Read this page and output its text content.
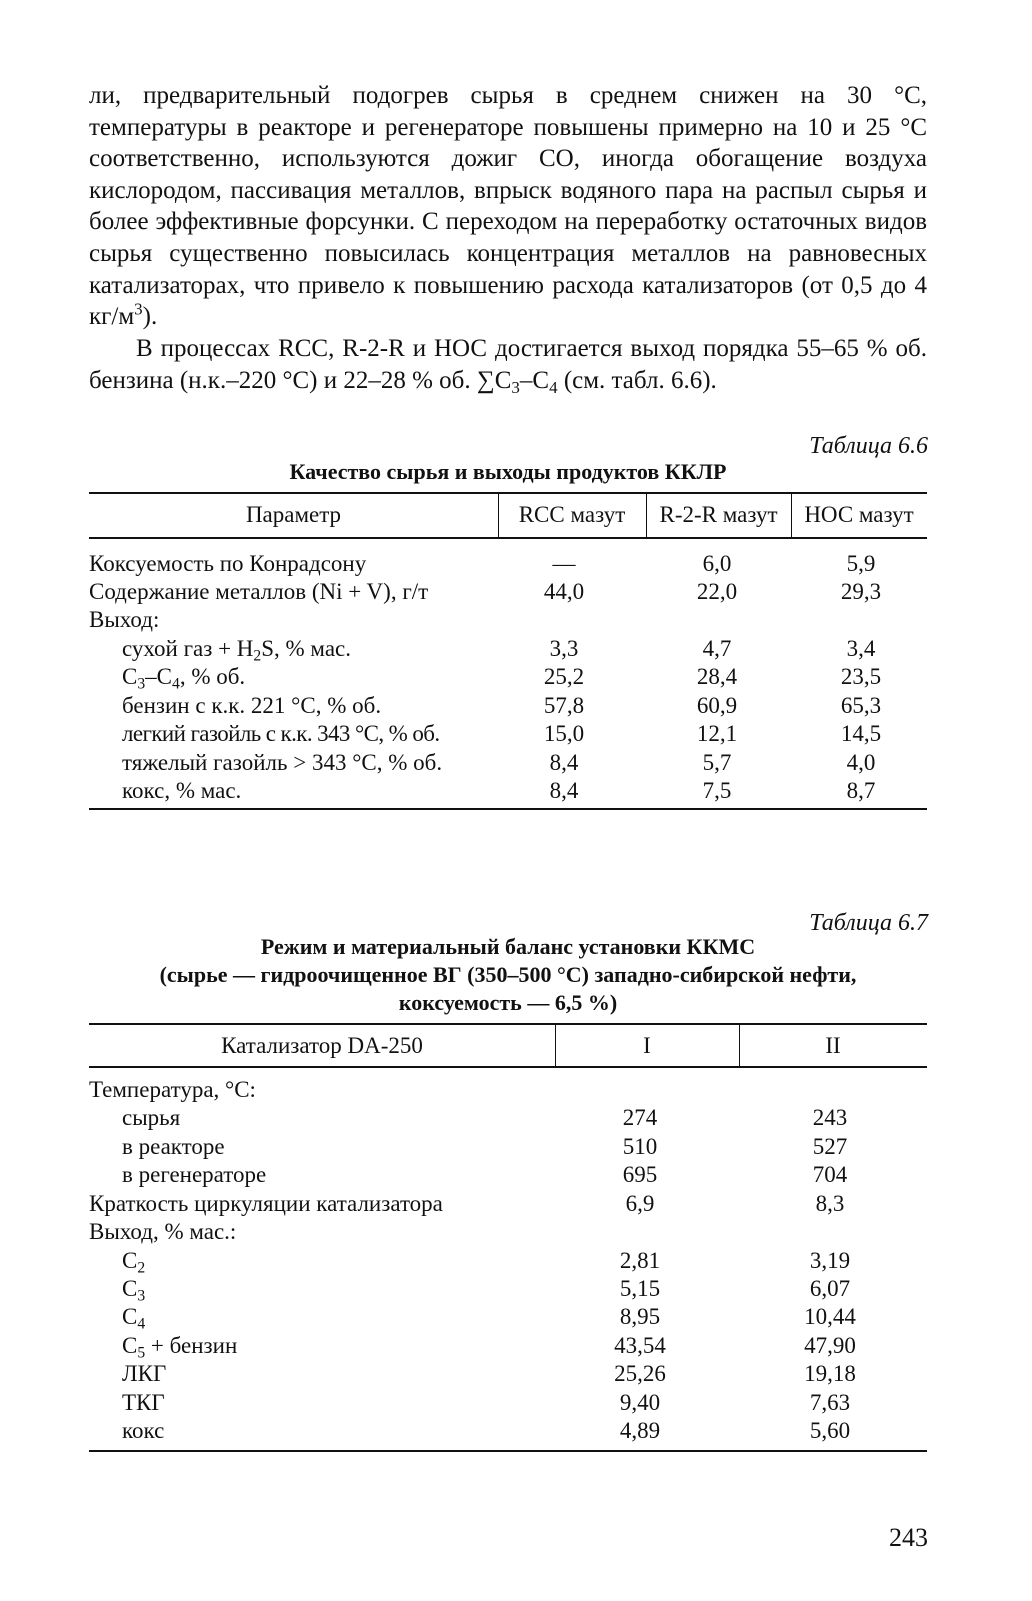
ли, предварительный подогрев сырья в среднем снижен на 30 °С, температуры в реакторе и регенераторе повышены примерно на 10 и 25 °С соответственно, используются дожиг СО, иногда обогащение воздуха кислородом, пассивация металлов, впрыск водяного пара на распыл сырья и более эффективные форсунки. С переходом на переработку остаточных видов сырья существенно повысилась концентрация металлов на равновесных катализаторах, что привело к повышению расхода катализаторов (от 0,5 до 4 $кг/м^3$).

В процессах RCC, R-2-R и НОС достигается выход порядка 55–65 % об. бензина (н.к.–220 °С) и 22–28 % об. $\sum С_3-С_4$ (см. табл. 6.6).

Таблица 6.6
Качество сырья и выходы продуктов ККЛР
Параметр	RCC мазут	R-2-R мазут	НОС мазут
Коксуемость по Конрадсону	—	6,0	5,9
Содержание металлов (Ni + V), г/т	44,0	22,0	29,3
Выход:
сухой газ + $H_2S$, % мас.	3,3	4,7	3,4
$С_3-С_4$, % об.	25,2	28,4	23,5
бензин с к.к. 221 °С, % об.	57,8	60,9	65,3
легкий газойль с к.к. 343 °С, % об.	15,0	12,1	14,5
тяжелый газойль > 343 °С, % об.	8,4	5,7	4,0
кокс, % мас.	8,4	7,5	8,7
Таблица 6.7
Режим и материальный баланс установки ККМС
(сырье — гидроочищенное ВГ (350–500 °С) западно-сибирской нефти,
коксуемость — 6,5 %)
Катализатор DA-250	I	II
Температура, °С:
сырья	274	243
в реакторе	510	527
в регенераторе	695	704
Краткость циркуляции катализатора	6,9	8,3
Выход, % мас.:
$С_2$	2,81	3,19
$С_3$	5,15	6,07
$С_4$	8,95	10,44
$С_5$ + бензин	43,54	47,90
ЛКГ	25,26	19,18
ТКГ	9,40	7,63
кокс	4,89	5,60
243
